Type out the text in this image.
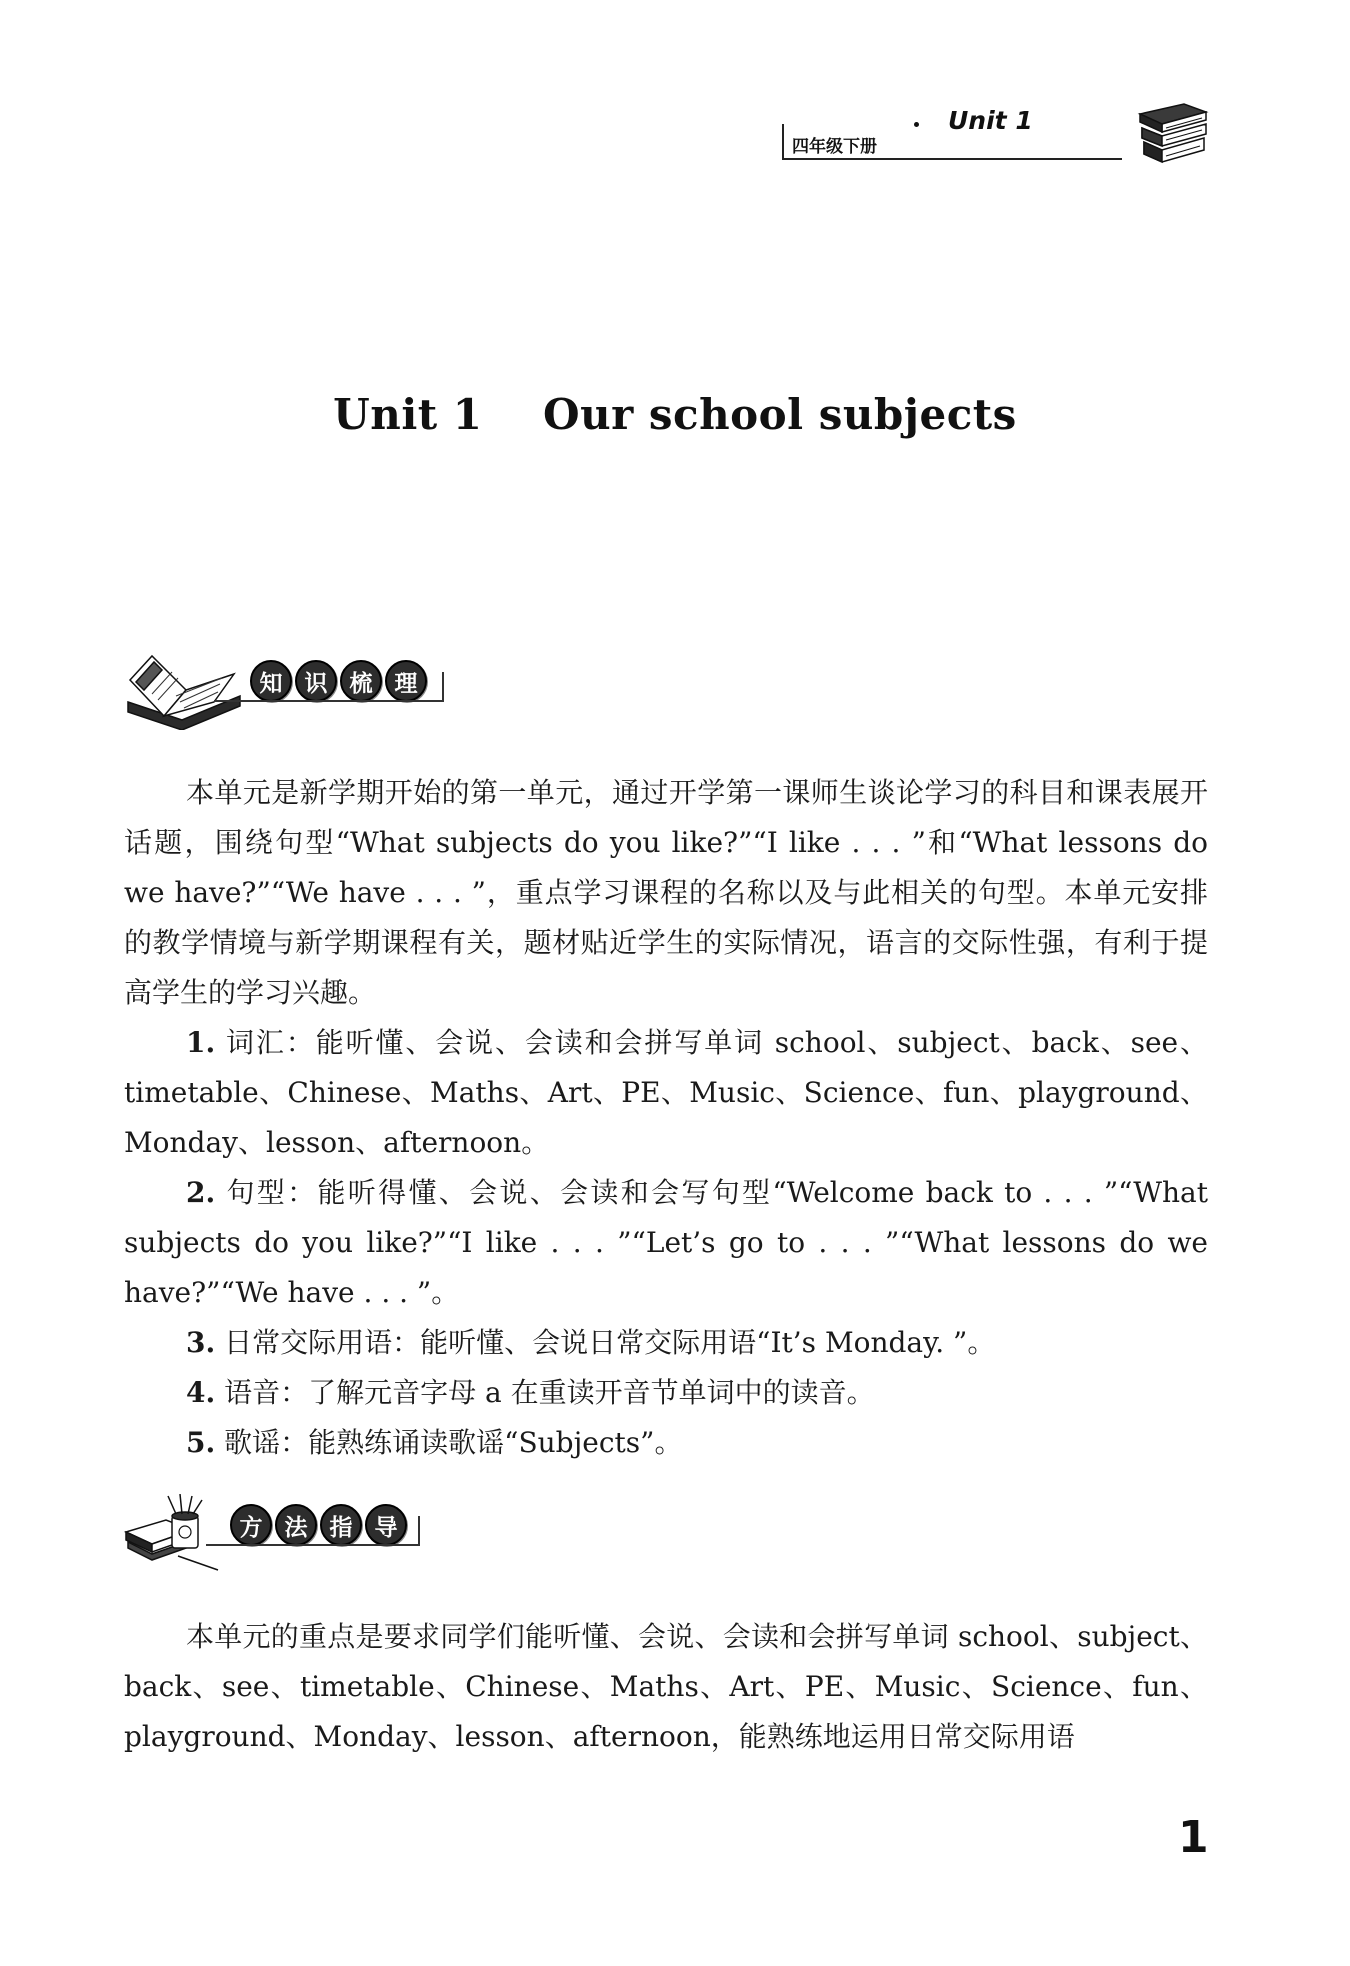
四年级下册
Unit 1
Unit 1    Our school subjects
知 识 梳 理

本单元是新学期开始的第一单元，通过开学第一课师生谈论学习的科目和课表展开话题，围绕句型“What subjects do you like?”“I like . . . ”和“What lessons do we have?”“We have . . . ”，重点学习课程的名称以及与此相关的句型。本单元安排的教学情境与新学期课程有关，题材贴近学生的实际情况，语言的交际性强，有利于提高学生的学习兴趣。

1. 词汇：能听懂、会说、会读和会拼写单词 school、subject、back、see、timetable、Chinese、Maths、Art、PE、Music、Science、fun、playground、Monday、lesson、afternoon。

2. 句型：能听得懂、会说、会读和会写句型“Welcome back to . . . ”“What subjects do you like?”“I like . . . ”“Let’s go to . . . ”“What lessons do we have?”“We have . . . ”。

3. 日常交际用语：能听懂、会说日常交际用语“It’s Monday. ”。

4. 语音：了解元音字母 a 在重读开音节单词中的读音。

5. 歌谣：能熟练诵读歌谣“Subjects”。

方 法 指 导

本单元的重点是要求同学们能听懂、会说、会读和会拼写单词 school、subject、back、see、timetable、Chinese、Maths、Art、PE、Music、Science、fun、playground、Monday、lesson、afternoon，能熟练地运用日常交际用语

1
